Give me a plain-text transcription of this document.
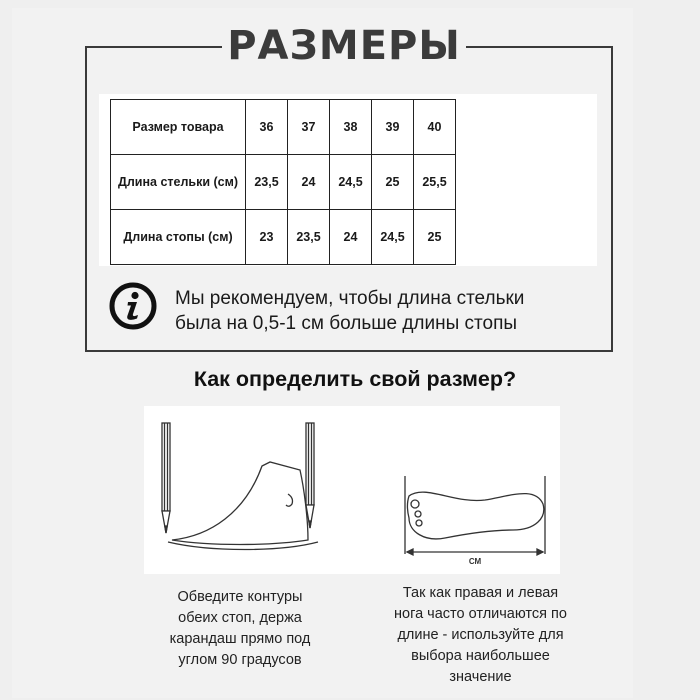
РАЗМЕРЫ
Размер товара	36	37	38	39	40
Длина стельки (см)	23,5	24	24,5	25	25,5
Длина стопы (см)	23	23,5	24	24,5	25
Мы рекомендуем, чтобы длина стельки
была на 0,5-1 см больше длины стопы
Как определить свой размер?
СМ
Обведите контуры
обеих стоп, держа
карандаш прямо под
углом 90 градусов
Так как правая и левая
нога часто отличаются по
длине - используйте для
выбора наибольшее
значение
